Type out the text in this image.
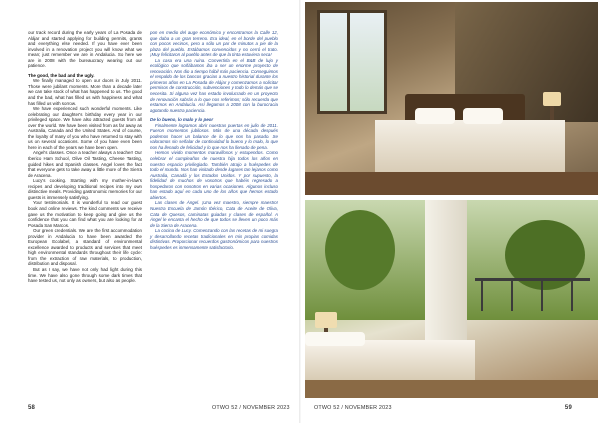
our track record during the early years of La Posada de Alájar and started applying for building permits, grants and everything else needed. If you have ever been involved in a renovation project you will know what we mean; just remember we are in Andalucia. So here we are in 2008 with the bureaucracy wearing out our patience.

The good, the bad and the ugly.

We finally managed to open our doors in July 2011. Those were jubilant moments. More than a decade later we can take stock of what has happened to us. The good and the bad, what has filled us with happiness and what has filled us with sorrow.

We have experienced such wonderful moments. Like celebrating our daughter's birthday every year in our privileged space. We have also attracted guests from all over the world. We have been visited from as far away as Australia, Canada and the United States. And of course, the loyalty of many of you who have returned to stay with us on several occasions. Some of you have even been here in each of the years we have been open.

Angel's classes. Once a teacher always a teacher! Our Iberico Ham School, Olive Oil Tasting, Cheese Tasting, guided hikes and Spanish classes. Angel loves the fact that everyone gets to take away a little more of the Sierra de Aracena.

Lucy's cooking. Starting with my mother-in-law's recipes and developing traditional recipes into my own distinctive meals. Providing gastronomic memories for our guests is immensely satisfying.

Your testimonials. It is wonderful to read our guest book and online reviews. The kind comments we receive gave us the motivation to keep going and give us the confidence that you can find what you are looking for at Posada San Marcos.

Our green credentials. We are the first accommodation provider in Andalucia to have been awarded the European Ecolabel, a standard of environmental excellence awarded to products and services that meet high environmental standards throughout their life cycle: from the extraction of raw materials, to production, distribution and disposal.

But as I say, we have not only had light during this time. We have also gone through some dark times that have tested us, not only as owners, but also as people.

pon en medio del auge económico y encontramos la Calle 12, que daba a un gran terreno. Era ideal, en el borde del pueblo con pocos vecinos, pero a sólo un par de minutos a pie de la plaza del pueblo. Estábamos convencidos y no cerró el trato. ¡Muy felicitaron al pueblo antes de que la tinta estuviera seca!

La casa era una ruina. Convertirla en el B&B de lujo y ecológico que soñábamos iba a ser un enorme proyecto de renovación. Nos dio a tiempo hábil más paciencia. Conseguimos el respaldo de los bancos gracias a nuestro historial durante los primeros años en La Posada de Alájar y comenzamos a solicitar permisos de construcción, subvenciones y todo lo demás que se necesita. Si alguna vez has estado involucrado en un proyecto de renovación sabrás a lo que nos referimos; sólo recuerda que estamos en Andalucía. Así llegamos a 2008 con la burocracia agotando nuestra paciencia.

De lo bueno, lo malo y lo peor

Finalmente logramos abrir nuestras puertas en julio de 2011. Fueron momentos jubilosos. Más de una década después podemos hacer un balance de lo que nos ha pasado. Se valoramos sin señalar de continuidad lo bueno y lo malo, lo que nos ha llenado de felicidad y lo que nos ha llenado de pena.

Hemos vivido momentos maravillosos y estupendos. Como celebrar el cumpleaños de nuestra hija todos los años en nuestro espacio privilegiado. También atrajo a huéspedes de todo el mundo. Nos han visitado desde lugares tan lejanos como Australia, Canadá y los Estados Unidos. Y por supuesto, la fidelidad de muchos de vosotros que habéis regresado a hospedaros con nosotros en varias ocasiones. Algunos incluso han estado aquí en cada uno de los años que hemos estado abiertos.

Las clases de Ángel. ¡Una vez maestro, siempre maestro! Nuestra Escuela de Jamón Ibérico, Cata de Aceite de Oliva, Cata de Quesos, caminatas guiadas y clases de español. A Ángel le encanta el hecho de que todos se lleven un poco más de la Sierra de Aracena.

La cocina de Lucy. Comenzando con las recetas de mi suegra y desarrollando recetas tradicionales en mis propias comidas distintivas. Proporcionar recuerdos gastronómicos para nuestros huéspedes es inmensamente satisfactorio.

58	OTWO 52 / NOVEMBER 2023	OTWO 52 / NOVEMBER 2023	59
